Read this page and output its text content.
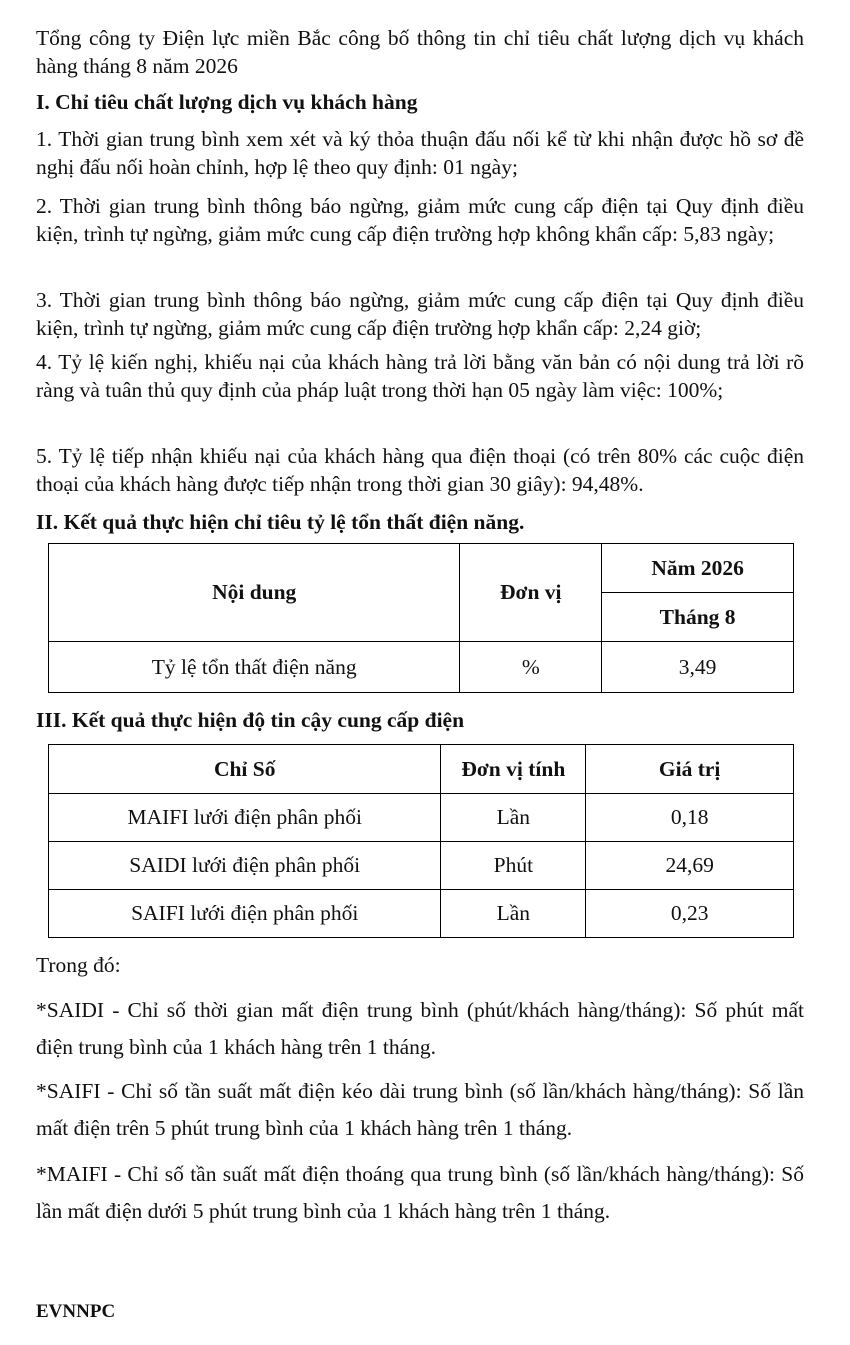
Tổng công ty Điện lực miền Bắc công bố thông tin chỉ tiêu chất lượng dịch vụ khách hàng tháng 8 năm 2026

I. Chỉ tiêu chất lượng dịch vụ khách hàng

1. Thời gian trung bình xem xét và ký thỏa thuận đấu nối kể từ khi nhận được hồ sơ đề nghị đấu nối hoàn chỉnh, hợp lệ theo quy định: 01 ngày;

2. Thời gian trung bình thông báo ngừng, giảm mức cung cấp điện tại Quy định điều kiện, trình tự ngừng, giảm mức cung cấp điện trường hợp không khẩn cấp: 5,83 ngày;

3. Thời gian trung bình thông báo ngừng, giảm mức cung cấp điện tại Quy định điều kiện, trình tự ngừng, giảm mức cung cấp điện trường hợp khẩn cấp: 2,24 giờ;

4. Tỷ lệ kiến nghị, khiếu nại của khách hàng trả lời bằng văn bản có nội dung trả lời rõ ràng và tuân thủ quy định của pháp luật trong thời hạn 05 ngày làm việc: 100%;

5. Tỷ lệ tiếp nhận khiếu nại của khách hàng qua điện thoại (có trên 80% các cuộc điện thoại của khách hàng được tiếp nhận trong thời gian 30 giây): 94,48%.

II. Kết quả thực hiện chỉ tiêu tỷ lệ tổn thất điện năng.

Nội dung	Đơn vị	Năm 2026
		Tháng 8
Tỷ lệ tổn thất điện năng	%	3,49

III. Kết quả thực hiện độ tin cậy cung cấp điện

Chỉ Số	Đơn vị tính	Giá trị
MAIFI lưới điện phân phối	Lần	0,18
SAIDI lưới điện phân phối	Phút	24,69
SAIFI lưới điện phân phối	Lần	0,23

Trong đó:

*SAIDI - Chỉ số thời gian mất điện trung bình (phút/khách hàng/tháng): Số phút mất điện trung bình của 1 khách hàng trên 1 tháng.

*SAIFI - Chỉ số tần suất mất điện kéo dài trung bình (số lần/khách hàng/tháng): Số lần mất điện trên 5 phút trung bình của 1 khách hàng trên 1 tháng.

*MAIFI - Chỉ số tần suất mất điện thoáng qua trung bình (số lần/khách hàng/tháng): Số lần mất điện dưới 5 phút trung bình của 1 khách hàng trên 1 tháng.

EVNNPC
